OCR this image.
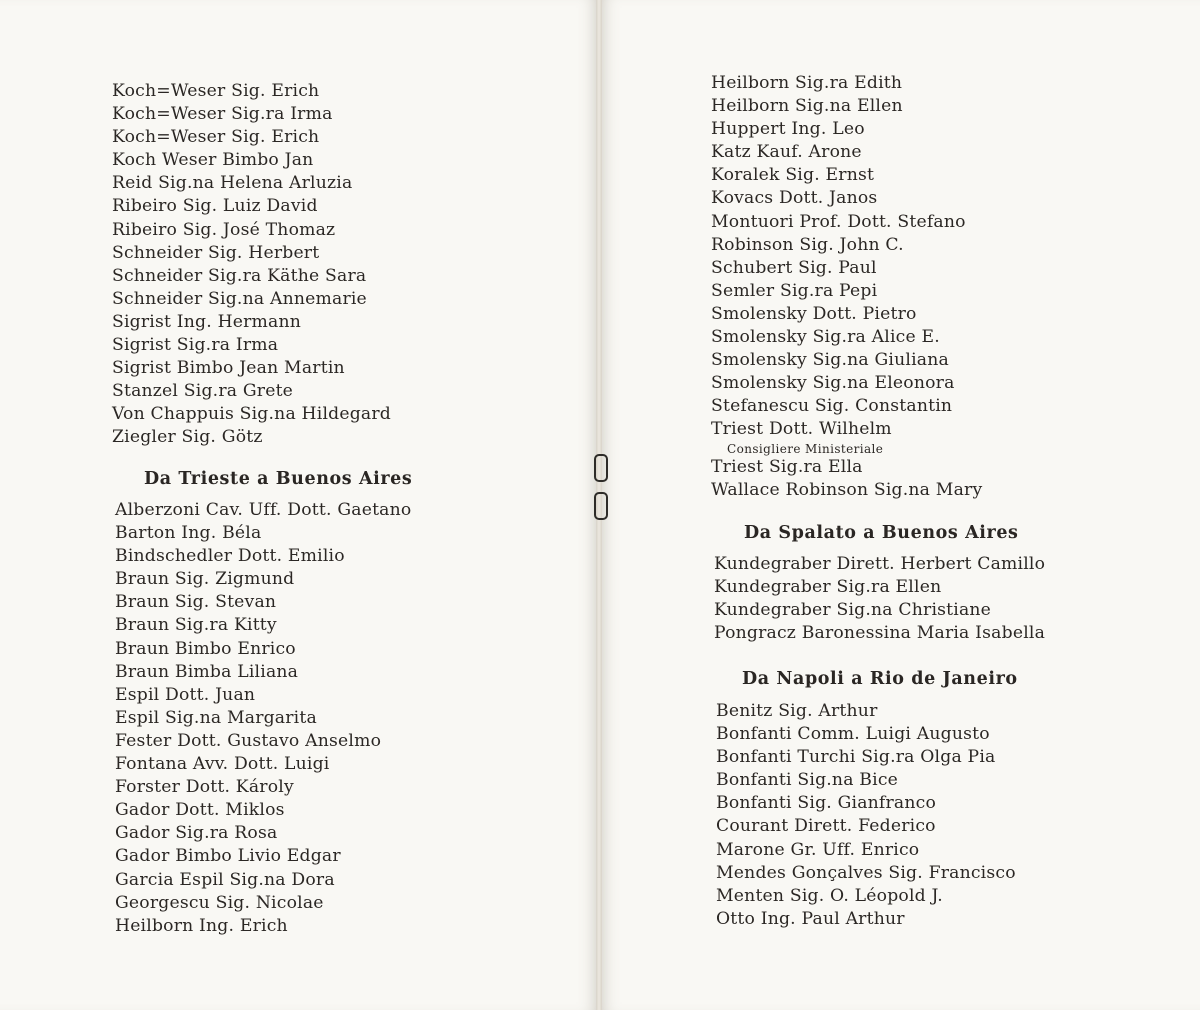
Koch=Weser Sig. Erich
Koch=Weser Sig.ra Irma
Koch=Weser Sig. Erich
Koch Weser Bimbo Jan
Reid Sig.na Helena Arluzia
Ribeiro Sig. Luiz David
Ribeiro Sig. José Thomaz
Schneider Sig. Herbert
Schneider Sig.ra Käthe Sara
Schneider Sig.na Annemarie
Sigrist Ing. Hermann
Sigrist Sig.ra Irma
Sigrist Bimbo Jean Martin
Stanzel Sig.ra Grete
Von Chappuis Sig.na Hildegard
Ziegler Sig. Götz
Da Trieste a Buenos Aires
Alberzoni Cav. Uff. Dott. Gaetano
Barton Ing. Béla
Bindschedler Dott. Emilio
Braun Sig. Zigmund
Braun Sig. Stevan
Braun Sig.ra Kitty
Braun Bimbo Enrico
Braun Bimba Liliana
Espil Dott. Juan
Espil Sig.na Margarita
Fester Dott. Gustavo Anselmo
Fontana Avv. Dott. Luigi
Forster Dott. Károly
Gador Dott. Miklos
Gador Sig.ra Rosa
Gador Bimbo Livio Edgar
Garcia Espil Sig.na Dora
Georgescu Sig. Nicolae
Heilborn Ing. Erich
Heilborn Sig.ra Edith
Heilborn Sig.na Ellen
Huppert Ing. Leo
Katz Kauf. Arone
Koralek Sig. Ernst
Kovacs Dott. Janos
Montuori Prof. Dott. Stefano
Robinson Sig. John C.
Schubert Sig. Paul
Semler Sig.ra Pepi
Smolensky Dott. Pietro
Smolensky Sig.ra Alice E.
Smolensky Sig.na Giuliana
Smolensky Sig.na Eleonora
Stefanescu Sig. Constantin
Triest Dott. Wilhelm
Consigliere Ministeriale
Triest Sig.ra Ella
Wallace Robinson Sig.na Mary
Da Spalato a Buenos Aires
Kundegraber Dirett. Herbert Camillo
Kundegraber Sig.ra Ellen
Kundegraber Sig.na Christiane
Pongracz Baronessina Maria Isabella
Da Napoli a Rio de Janeiro
Benitz Sig. Arthur
Bonfanti Comm. Luigi Augusto
Bonfanti Turchi Sig.ra Olga Pia
Bonfanti Sig.na Bice
Bonfanti Sig. Gianfranco
Courant Dirett. Federico
Marone Gr. Uff. Enrico
Mendes Gonçalves Sig. Francisco
Menten Sig. O. Léopold J.
Otto Ing. Paul Arthur
